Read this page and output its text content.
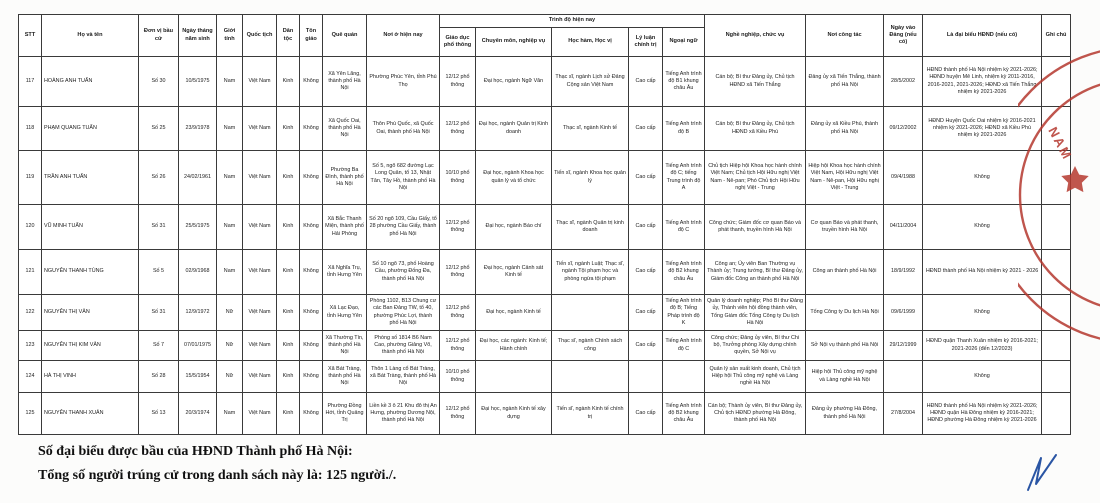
STT	Họ và tên	Đơn vị bầu cử	Ngày tháng năm sinh	Giới tính	Quốc tịch	Dân tộc	Tôn giáo	Quê quán	Nơi ở hiện nay	Trình độ hiện nay					Nghề nghiệp, chức vụ	Nơi công tác	Ngày vào Đảng (nếu có)	Là đại biểu HĐND (nếu có)	Ghi chú
										Giáo dục phổ thông	Chuyên môn, nghiệp vụ	Học hàm, Học vị	Lý luận chính trị	Ngoại ngữ					
117	HOÀNG ANH TUẤN	Số 30	10/5/1975	Nam	Việt Nam	Kinh	Không	Xã Yên Lãng, thành phố Hà Nội	Phường Phúc Yên, tỉnh Phú Thọ	12/12 phổ thông	Đại học, ngành Ngữ Văn	Thạc sĩ, ngành Lịch sử Đảng Cộng sản Việt Nam	Cao cấp	Tiếng Anh trình độ B1 khung châu Âu	Cán bộ; Bí thư Đảng ủy, Chủ tịch HĐND xã Tiến Thắng	Đảng ủy xã Tiến Thắng, thành phố Hà Nội	28/5/2002	HĐND thành phố Hà Nội nhiệm kỳ 2021-2026; HĐND huyện Mê Linh, nhiệm kỳ 2011-2016, 2016-2021, 2021-2026; HĐND xã Tiến Thắng nhiệm kỳ 2021-2026	
118	PHẠM QUANG TUẤN	Số 25	23/9/1978	Nam	Việt Nam	Kinh	Không	Xã Quốc Oai, thành phố Hà Nội	Thôn Phú Quốc, xã Quốc Oai, thành phố Hà Nội	12/12 phổ thông	Đại học, ngành Quản trị Kinh doanh	Thạc sĩ, ngành Kinh tế	Cao cấp	Tiếng Anh trình độ B	Cán bộ; Bí thư Đảng ủy, Chủ tịch HĐND xã Kiều Phú	Đảng ủy xã Kiều Phú, thành phố Hà Nội	09/12/2002	HĐND Huyện Quốc Oai nhiệm kỳ 2016-2021 nhiệm kỳ 2021-2026; HĐND xã Kiều Phú nhiệm kỳ 2021-2026	
119	TRẦN ANH TUẤN	Số 26	24/02/1961	Nam	Việt Nam	Kinh	Không	Phường Ba Đình, thành phố Hà Nội	Số 5, ngõ 682 đường Lạc Long Quân, tổ 13, Nhật Tân, Tây Hồ, thành phố Hà Nội	10/10 phổ thông	Đại học, ngành Khoa học quản lý và tổ chức	Tiến sĩ, ngành Khoa học quản lý	Cao cấp	Tiếng Anh trình độ C; tiếng Trung trình độ A	Chủ tịch Hiệp hội Khoa học hành chính Việt Nam; Chủ tịch Hội Hữu nghị Việt Nam - Nê-pan; Phó Chủ tịch Hội Hữu nghị Việt - Trung	Hiệp hội Khoa học hành chính Việt Nam, Hội Hữu nghị Việt Nam - Nê-pan, Hội Hữu nghị Việt - Trung	09/4/1988	Không	
120	VŨ MINH TUẤN	Số 31	25/5/1975	Nam	Việt Nam	Kinh	Không	Xã Bắc Thanh Miện, thành phố Hải Phòng	Số 20 ngõ 109, Cầu Giấy, tổ 28 phường Cầu Giấy, thành phố Hà Nội	12/12 phổ thông	Đại học, ngành Báo chí	Thạc sĩ, ngành Quản trị kinh doanh	Cao cấp	Tiếng Anh trình độ C	Công chức; Giám đốc cơ quan Báo và phát thanh, truyền hình Hà Nội	Cơ quan Báo và phát thanh, truyền hình Hà Nội	04/11/2004	Không	
121	NGUYỄN THANH TÙNG	Số 5	02/9/1968	Nam	Việt Nam	Kinh	Không	Xã Nghĩa Trụ, tỉnh Hưng Yên	Số 10 ngõ 73, phố Hoàng Cầu, phường Đống Đa, thành phố Hà Nội	12/12 phổ thông	Đại học, ngành Cảnh sát Kinh tế	Tiến sĩ, ngành Luật; Thạc sĩ, ngành Tội phạm học và phòng ngừa tội phạm	Cao cấp	Tiếng Anh trình độ B2 khung châu Âu	Công an; Ủy viên Ban Thường vụ Thành ủy; Trung tướng, Bí thư Đảng ủy, Giám đốc Công an thành phố Hà Nội	Công an thành phố Hà Nội	18/9/1992	HĐND thành phố Hà Nội nhiệm kỳ 2021 - 2026	
122	NGUYỄN THỊ VÂN	Số 31	12/9/1972	Nữ	Việt Nam	Kinh	Không	Xã Lạc Đạo, tỉnh Hưng Yên	Phòng 1102, B13 Chung cư các Ban Đảng TW, tổ 40, phường Phúc Lợi, thành phố Hà Nội	12/12 phổ thông	Đại học, ngành Kinh tế		Cao cấp	Tiếng Anh trình độ B; Tiếng Pháp trình độ K	Quản lý doanh nghiệp; Phó Bí thư Đảng ủy, Thành viên hội đồng thành viên, Tổng Giám đốc Tổng Công ty Du lịch Hà Nội	Tổng Công ty Du lịch Hà Nội	09/6/1999	Không	
123	NGUYỄN THỊ KIM VÂN	Số 7	07/01/1975	Nữ	Việt Nam	Kinh	Không	Xã Thường Tín, thành phố Hà Nội	Phòng số 1814 B6 Nam Cao, phường Giảng Võ, thành phố Hà Nội	12/12 phổ thông	Đại học, các ngành: Kinh tế; Hành chính	Thạc sĩ, ngành Chính sách công	Cao cấp	Tiếng Anh trình độ C	Công chức; Đảng ủy viên, Bí thư Chi bộ, Trưởng phòng Xây dựng chính quyền, Sở Nội vụ	Sở Nội vụ thành phố Hà Nội	29/12/1999	HĐND quận Thanh Xuân nhiệm kỳ 2016-2021; 2021-2026 (đến 12/2023)	
124	HÀ THỊ VINH	Số 28	15/5/1954	Nữ	Việt Nam	Kinh	Không	Xã Bát Tràng, thành phố Hà Nội	Thôn 1 Làng cổ Bát Tràng, xã Bát Tràng, thành phố Hà Nội	10/10 phổ thông					Quản lý sản xuất kinh doanh, Chủ tịch Hiệp hội Thủ công mỹ nghệ và Làng nghề Hà Nội	Hiệp hội Thủ công mỹ nghệ và Làng nghề Hà Nội		Không	
125	NGUYỄN THANH XUÂN	Số 13	20/3/1974	Nam	Việt Nam	Kinh	Không	Phường Đồng Hới, tỉnh Quảng Trị	Liền kề 3 ô 21 Khu đô thị An Hưng, phường Dương Nội, thành phố Hà Nội	12/12 phổ thông	Đại học, ngành Kinh tế xây dựng	Tiến sĩ, ngành Kinh tế chính trị	Cao cấp	Tiếng Anh trình độ B2 khung châu Âu	Cán bộ; Thành ủy viên, Bí thư Đảng ủy, Chủ tịch HĐND phường Hà Đông, thành phố Hà Nội	Đảng ủy phường Hà Đông, thành phố Hà Nội	27/8/2004	HĐND thành phố Hà Nội nhiệm kỳ 2021-2026; HĐND quận Hà Đông nhiệm kỳ 2016-2021; HĐND phường Hà Đông nhiệm kỳ 2021-2026	
Số đại biểu được bầu của HĐND Thành phố Hà Nội:
Tổng số người trúng cử trong danh sách này là: 125 người./.
NAM
